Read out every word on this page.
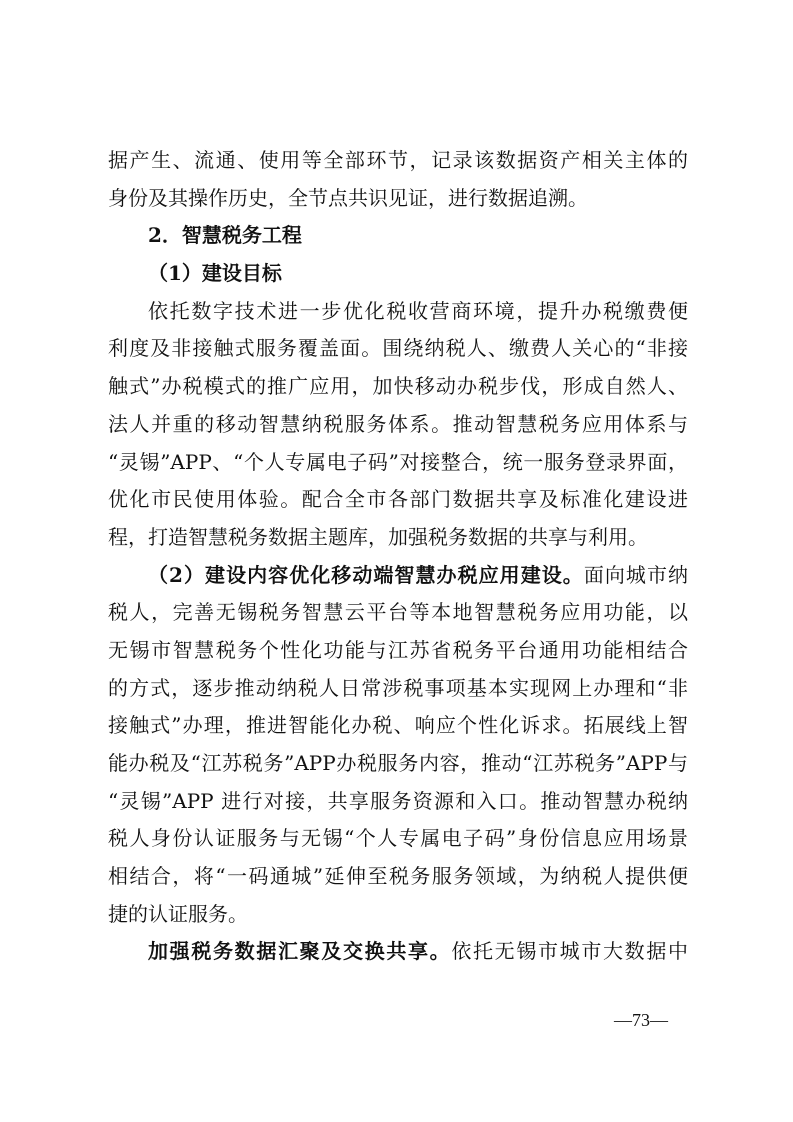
据产生、流通、使用等全部环节，记录该数据资产相关主体的
身份及其操作历史，全节点共识见证，进行数据追溯。
2．智慧税务工程
（1）建设目标
依托数字技术进一步优化税收营商环境，提升办税缴费便
利度及非接触式服务覆盖面。围绕纳税人、缴费人关心的“非接
触式”办税模式的推广应用，加快移动办税步伐，形成自然人、
法人并重的移动智慧纳税服务体系。推动智慧税务应用体系与
“灵锡”APP、“个人专属电子码”对接整合，统一服务登录界面，
优化市民使用体验。配合全市各部门数据共享及标准化建设进
程，打造智慧税务数据主题库，加强税务数据的共享与利用。
（2）建设内容优化移动端智慧办税应用建设。面向城市纳
税人，完善无锡税务智慧云平台等本地智慧税务应用功能，以
无锡市智慧税务个性化功能与江苏省税务平台通用功能相结合
的方式，逐步推动纳税人日常涉税事项基本实现网上办理和“非
接触式”办理，推进智能化办税、响应个性化诉求。拓展线上智
能办税及“江苏税务”APP办税服务内容，推动“江苏税务”APP与
“灵锡”APP 进行对接，共享服务资源和入口。推动智慧办税纳
税人身份认证服务与无锡“个人专属电子码”身份信息应用场景
相结合，将“一码通城”延伸至税务服务领域，为纳税人提供便
捷的认证服务。
加强税务数据汇聚及交换共享。依托无锡市城市大数据中
—73—
